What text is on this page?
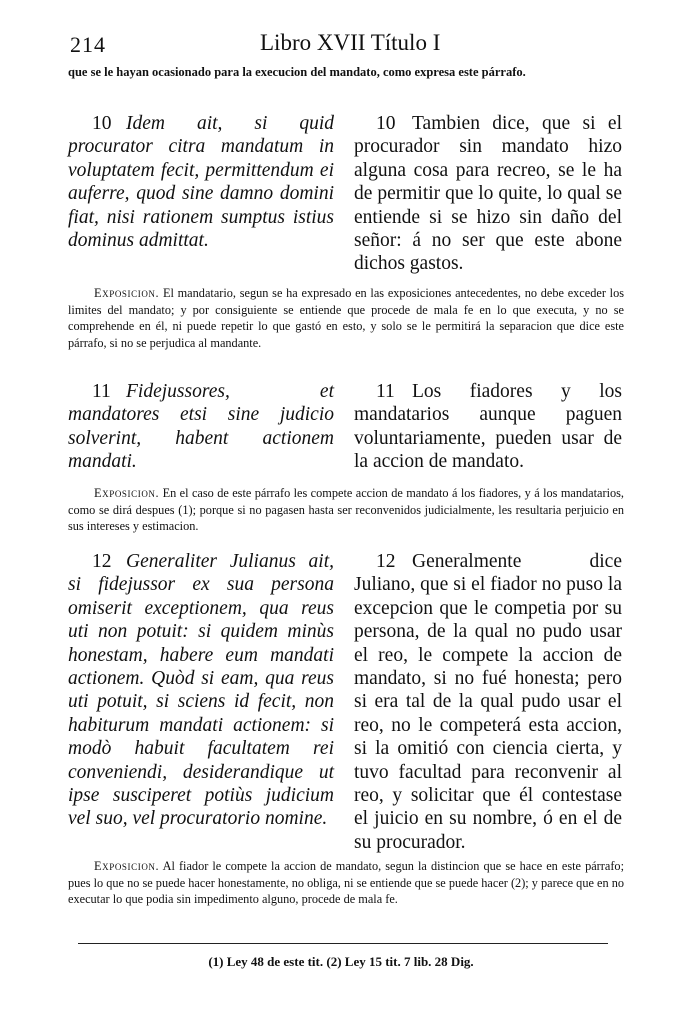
214	Libro XVII Título I
que se le hayan ocasionado para la execucion del mandato, como expresa este párrafo.
10 Idem ait, si quid procurator citra mandatum in voluptatem fecit, permittendum ei auferre, quod sine damno domini fiat, nisi rationem sumptus istius dominus admittat.
10 Tambien dice, que si el procurador sin mandato hizo alguna cosa para recreo, se le ha de permitir que lo quite, lo qual se entiende si se hizo sin daño del señor: á no ser que este abone dichos gastos.
Exposicion. El mandatario, segun se ha expresado en las exposiciones antecedentes, no debe exceder los limites del mandato; y por consiguiente se entiende que procede de mala fe en lo que executa, y no se comprehende en él, ni puede repetir lo que gastó en esto, y solo se le permitirá la separacion que dice este párrafo, si no se perjudica al mandante.
11 Fidejussores, et mandatores etsi sine judicio solverint, habent actionem mandati.
11 Los fiadores y los mandatarios aunque paguen voluntariamente, pueden usar de la accion de mandato.
Exposicion. En el caso de este párrafo les compete accion de mandato á los fiadores, y á los mandatarios, como se dirá despues (1); porque si no pagasen hasta ser reconvenidos judicialmente, les resultaria perjuicio en sus intereses y estimacion.
12 Generaliter Julianus ait, si fidejussor ex sua persona omiserit exceptionem, qua reus uti non potuit: si quidem minùs honestam, habere eum mandati actionem. Quòd si eam, qua reus uti potuit, si sciens id fecit, non habiturum mandati actionem: si modò habuit facultatem rei conveniendi, desiderandique ut ipse susciperet potiùs judicium vel suo, vel procuratorio nomine.
12 Generalmente dice Juliano, que si el fiador no puso la excepcion que le competia por su persona, de la qual no pudo usar el reo, le compete la accion de mandato, si no fué honesta; pero si era tal de la qual pudo usar el reo, no le competerá esta accion, si la omitió con ciencia cierta, y tuvo facultad para reconvenir al reo, y solicitar que él contestase el juicio en su nombre, ó en el de su procurador.
Exposicion. Al fiador le compete la accion de mandato, segun la distincion que se hace en este párrafo; pues lo que no se puede hacer honestamente, no obliga, ni se entiende que se puede hacer (2); y parece que en no executar lo que podia sin impedimento alguno, procede de mala fe.
(1) Ley 48 de este tit. (2) Ley 15 tit. 7 lib. 28 Dig.
